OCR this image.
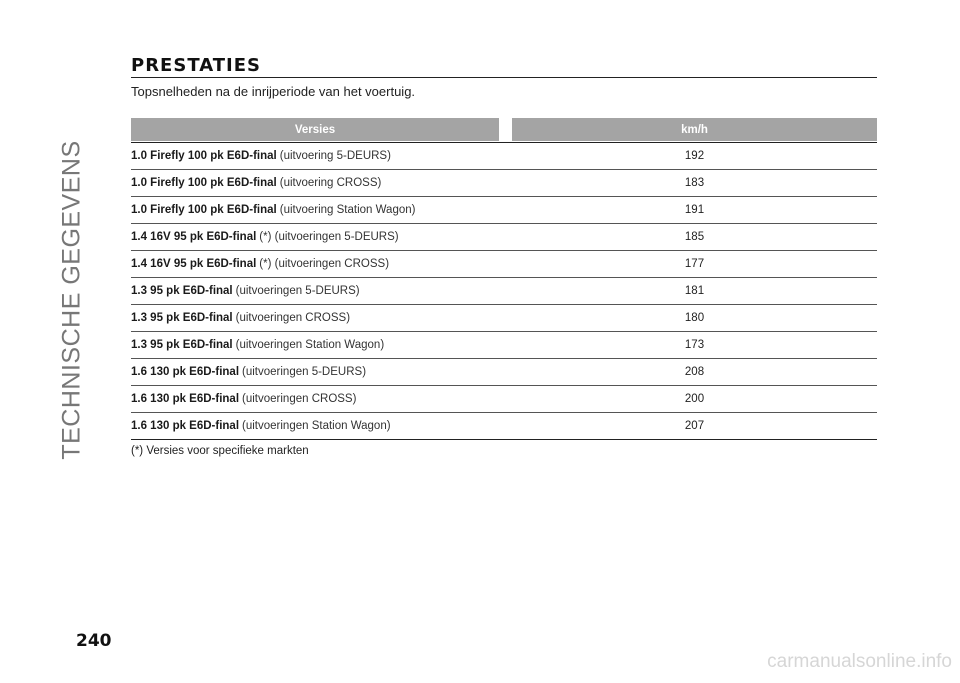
TECHNISCHE GEGEVENS
PRESTATIES
Topsnelheden na de inrijperiode van het voertuig.
Versies	km/h
1.0 Firefly 100 pk E6D-final (uitvoering 5-DEURS)	192
1.0 Firefly 100 pk E6D-final (uitvoering CROSS)	183
1.0 Firefly 100 pk E6D-final (uitvoering Station Wagon)	191
1.4 16V 95 pk E6D-final (*) (uitvoeringen 5-DEURS)	185
1.4 16V 95 pk E6D-final (*) (uitvoeringen CROSS)	177
1.3 95 pk E6D-final (uitvoeringen 5-DEURS)	181
1.3 95 pk E6D-final (uitvoeringen CROSS)	180
1.3 95 pk E6D-final (uitvoeringen Station Wagon)	173
1.6 130 pk E6D-final (uitvoeringen 5-DEURS)	208
1.6 130 pk E6D-final (uitvoeringen CROSS)	200
1.6 130 pk E6D-final (uitvoeringen Station Wagon)	207
(*) Versies voor specifieke markten
240
carmanualsonline.info
